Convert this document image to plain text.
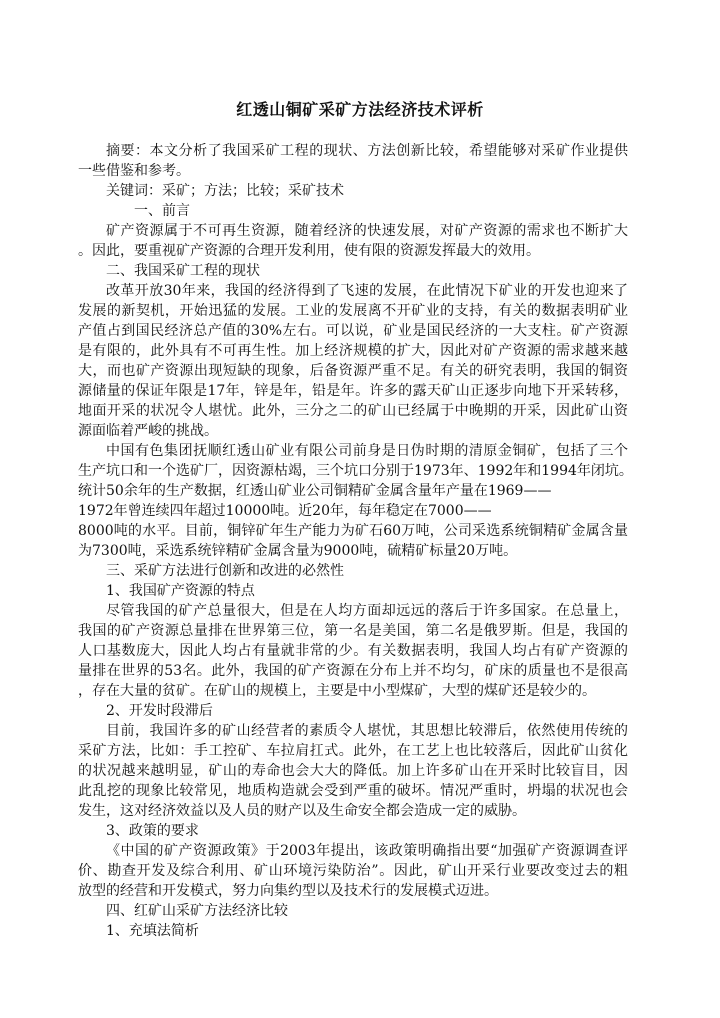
红透山铜矿采矿方法经济技术评析
摘要：本文分析了我国采矿工程的现状、方法创新比较，希望能够对采矿作业提供
一些借鉴和参考。
关键词：采矿；方法；比较；采矿技术
一、前言
矿产资源属于不可再生资源，随着经济的快速发展，对矿产资源的需求也不断扩大
。因此，要重视矿产资源的合理开发利用，使有限的资源发挥最大的效用。
二、我国采矿工程的现状
改革开放30年来，我国的经济得到了飞速的发展，在此情况下矿业的开发也迎来了
发展的新契机，开始迅猛的发展。工业的发展离不开矿业的支持，有关的数据表明矿业
产值占到国民经济总产值的30%左右。可以说，矿业是国民经济的一大支柱。矿产资源
是有限的，此外具有不可再生性。加上经济规模的扩大，因此对矿产资源的需求越来越
大，而也矿产资源出现短缺的现象，后备资源严重不足。有关的研究表明，我国的铜资
源储量的保证年限是17年，锌是年，铅是年。许多的露天矿山正逐步向地下开采转移，
地面开采的状况令人堪忧。此外，三分之二的矿山已经属于中晚期的开采，因此矿山资
源面临着严峻的挑战。
中国有色集团抚顺红透山矿业有限公司前身是日伪时期的清原金铜矿，包括了三个
生产坑口和一个选矿厂，因资源枯竭，三个坑口分别于1973年、1992年和1994年闭坑。
统计50余年的生产数据，红透山矿业公司铜精矿金属含量年产量在1969——
1972年曾连续四年超过10000吨。近20年，每年稳定在7000——
8000吨的水平。目前，铜锌矿年生产能力为矿石60万吨，公司采选系统铜精矿金属含量
为7300吨，采选系统锌精矿金属含量为9000吨，硫精矿标量20万吨。
三、采矿方法进行创新和改进的必然性
1、我国矿产资源的特点
尽管我国的矿产总量很大，但是在人均方面却远远的落后于许多国家。在总量上，
我国的矿产资源总量排在世界第三位，第一名是美国，第二名是俄罗斯。但是，我国的
人口基数庞大，因此人均占有量就非常的少。有关数据表明，我国人均占有矿产资源的
量排在世界的53名。此外，我国的矿产资源在分布上并不均匀，矿床的质量也不是很高
，存在大量的贫矿。在矿山的规模上，主要是中小型煤矿，大型的煤矿还是较少的。
2、开发时段滞后
目前，我国许多的矿山经营者的素质令人堪忧，其思想比较滞后，依然使用传统的
采矿方法，比如：手工控矿、车拉肩扛式。此外，在工艺上也比较落后，因此矿山贫化
的状况越来越明显，矿山的寿命也会大大的降低。加上许多矿山在开采时比较盲目，因
此乱挖的现象比较常见，地质构造就会受到严重的破坏。情况严重时，坍塌的状况也会
发生，这对经济效益以及人员的财产以及生命安全都会造成一定的威胁。
3、政策的要求
《中国的矿产资源政策》于2003年提出，该政策明确指出要“加强矿产资源调查评
价、勘查开发及综合利用、矿山环境污染防治”。因此，矿山开采行业要改变过去的粗
放型的经营和开发模式，努力向集约型以及技术行的发展模式迈进。
四、红矿山采矿方法经济比较
1、充填法简析
